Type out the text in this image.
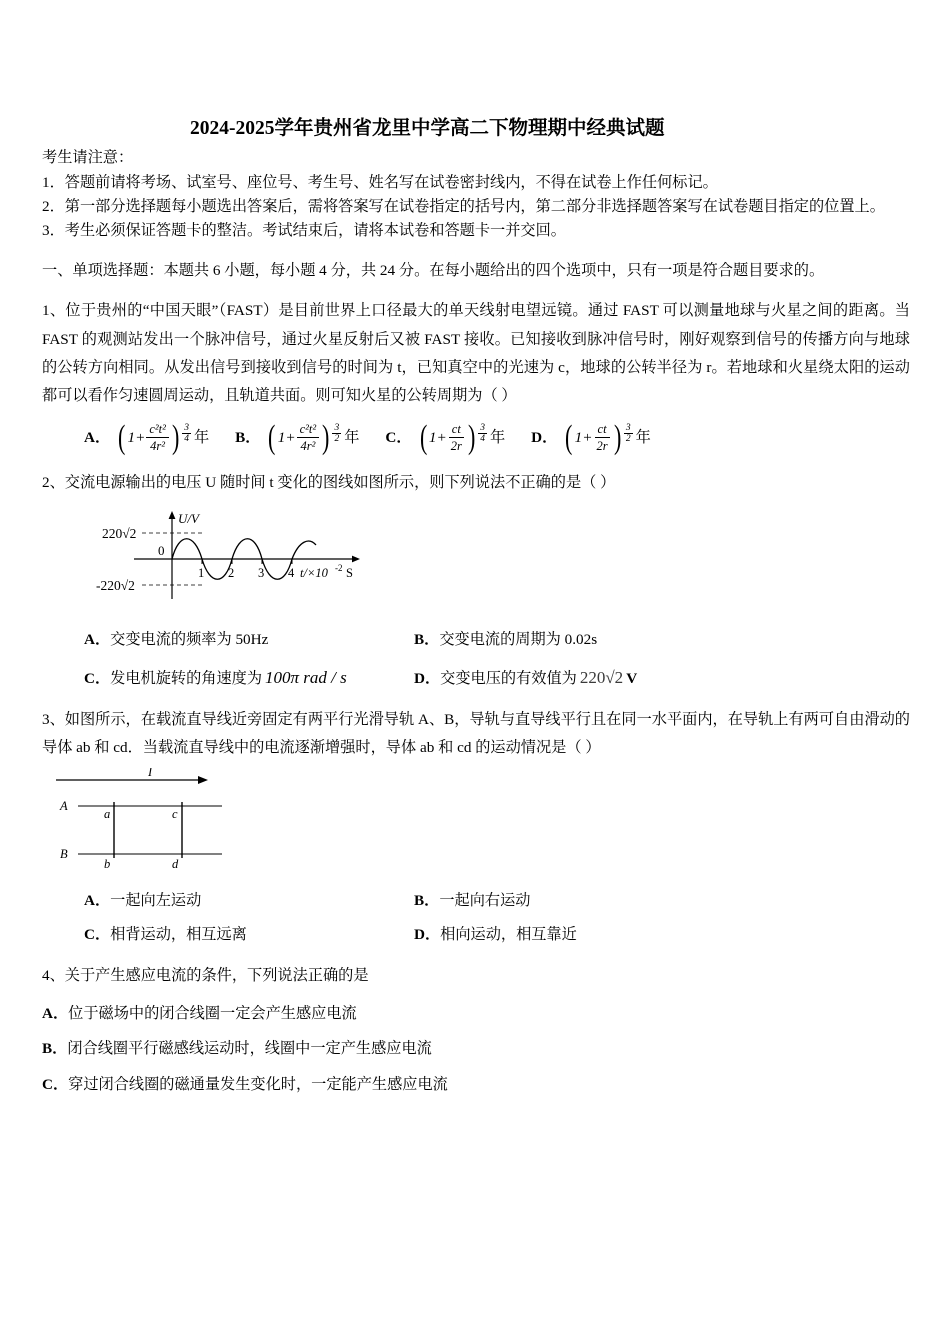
2024-2025学年贵州省龙里中学高二下物理期中经典试题
考生请注意：
1．答题前请将考场、试室号、座位号、考生号、姓名写在试卷密封线内，不得在试卷上作任何标记。
2．第一部分选择题每小题选出答案后，需将答案写在试卷指定的括号内，第二部分非选择题答案写在试卷题目指定的位置上。
3．考生必须保证答题卡的整洁。考试结束后，请将本试卷和答题卡一并交回。
一、单项选择题：本题共 6 小题，每小题 4 分，共 24 分。在每小题给出的四个选项中，只有一项是符合题目要求的。
1、位于贵州的“中国天眼”（FAST）是目前世界上口径最大的单天线射电望远镜。通过 FAST 可以测量地球与火星之间的距离。当 FAST 的观测站发出一个脉冲信号，通过火星反射后又被 FAST 接收。已知接收到脉冲信号时，刚好观察到信号的传播方向与地球的公转方向相同。从发出信号到接收到信号的时间为 t，已知真空中的光速为 c，地球的公转半径为 r。若地球和火星绕太阳的运动都可以看作匀速圆周运动，且轨道共面。则可知火星的公转周期为（ ）
A． ( $1+ \frac{\text{c²t²}}{\text{4r²}}$ ) $\frac{3}{4}$ 年 B． ( $1+ \frac{\text{c²t²}}{\text{4r²}}$ ) $\frac{3}{2}$ 年 C． ( $1+ \frac{ct}{2r}$ ) $\frac{3}{4}$ 年 D． ( $1+ \frac{ct}{2r}$ ) $\frac{3}{2}$ 年
2、交流电源输出的电压 U 随时间 t 变化的图线如图所示，则下列说法不正确的是（ ）
U/V
220√2
-220√2
0
1 2 3 4 t/×10 -2 S
A．交变电流的频率为 50Hz	B．交变电流的周期为 0.02s
C．发电机旋转的角速度为 100π rad / s	D．交变电压的有效值为 220√2 V
3、如图所示，在载流直导线近旁固定有两平行光滑导轨 A、B，导轨与直导线平行且在同一水平面内，在导轨上有两可自由滑动的导体 ab 和 cd．当载流直导线中的电流逐渐增强时，导体 ab 和 cd 的运动情况是（ ）
I
A
B
a
b
c
d
A．一起向左运动	B．一起向右运动
C．相背运动，相互远离	D．相向运动，相互靠近
4、关于产生感应电流的条件，下列说法正确的是
A．位于磁场中的闭合线圈一定会产生感应电流
B．闭合线圈平行磁感线运动时，线圈中一定产生感应电流
C．穿过闭合线圈的磁通量发生变化时，一定能产生感应电流
